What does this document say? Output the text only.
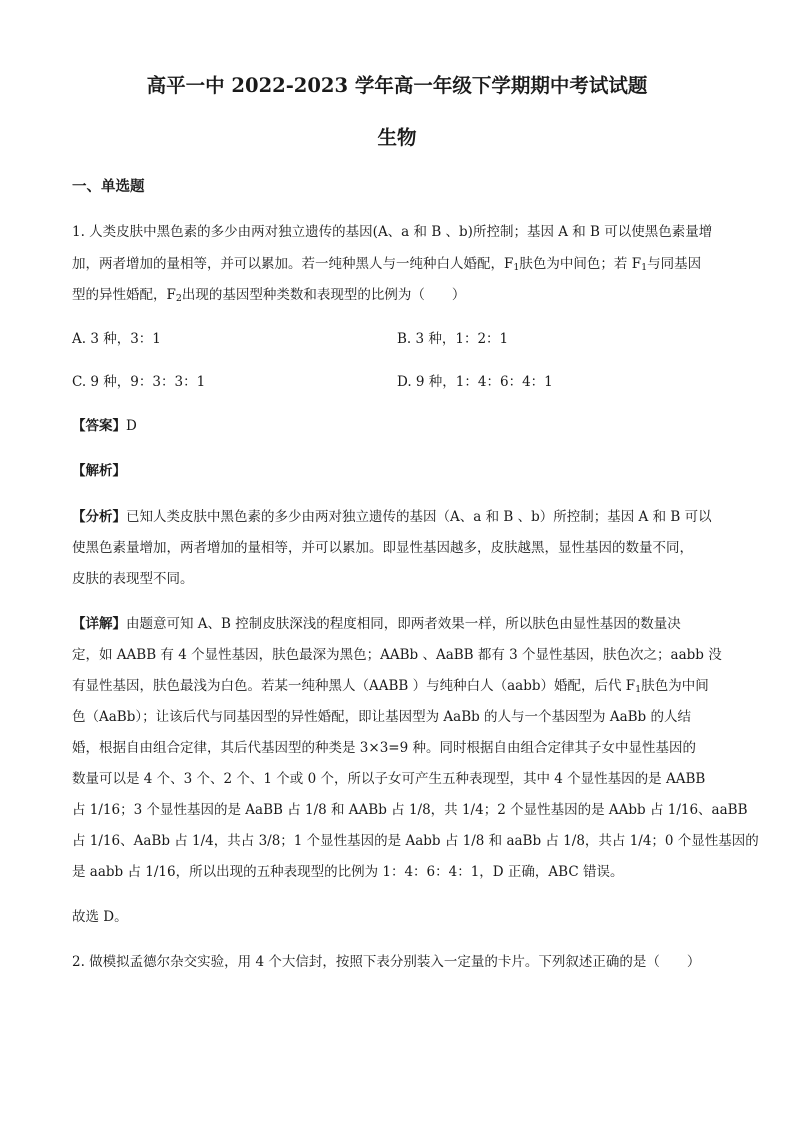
高平一中 2022-2023 学年高一年级下学期期中考试试题
生物
一、单选题
1. 人类皮肤中黑色素的多少由两对独立遗传的基因(A、a 和 B 、b)所控制；基因 A 和 B 可以使黑色素量增
加，两者增加的量相等，并可以累加。若一纯种黑人与一纯种白人婚配，$F_1$肤色为中间色；若 $F_1$与同基因
型的异性婚配，$F_2$出现的基因型种类数和表现型的比例为（　　）
A. 3 种，3：1	B. 3 种，1：2：1
C. 9 种，9：3：3：1	D. 9 种，1：4：6：4：1
【答案】D
【解析】
【分析】已知人类皮肤中黑色素的多少由两对独立遗传的基因（A、a 和 B 、b）所控制；基因 A 和 B 可以
使黑色素量增加，两者增加的量相等，并可以累加。即显性基因越多，皮肤越黑，显性基因的数量不同，
皮肤的表现型不同。
【详解】由题意可知 A、B 控制皮肤深浅的程度相同，即两者效果一样，所以肤色由显性基因的数量决
定，如 AABB 有 4 个显性基因，肤色最深为黑色；AABb 、AaBB 都有 3 个显性基因，肤色次之；aabb 没
有显性基因，肤色最浅为白色。若某一纯种黑人（AABB ）与纯种白人（aabb）婚配，后代 $F_1$肤色为中间
色（AaBb）；让该后代与同基因型的异性婚配，即让基因型为 AaBb 的人与一个基因型为 AaBb 的人结
婚，根据自由组合定律，其后代基因型的种类是 3×3=9 种。同时根据自由组合定律其子女中显性基因的
数量可以是 4 个、3 个、2 个、1 个或 0 个，所以子女可产生五种表现型，其中 4 个显性基因的是 AABB
占 1/16；3 个显性基因的是 AaBB 占 1/8 和 AABb 占 1/8，共 1/4；2 个显性基因的是 AAbb 占 1/16、aaBB
占 1/16、AaBb 占 1/4，共占 3/8；1 个显性基因的是 Aabb 占 1/8 和 aaBb 占 1/8，共占 1/4；0 个显性基因的
是 aabb 占 1/16，所以出现的五种表现型的比例为 1：4：6：4：1，D 正确，ABC 错误。
故选 D。
2. 做模拟孟德尔杂交实验，用 4 个大信封，按照下表分别装入一定量的卡片。下列叙述正确的是（　　）
